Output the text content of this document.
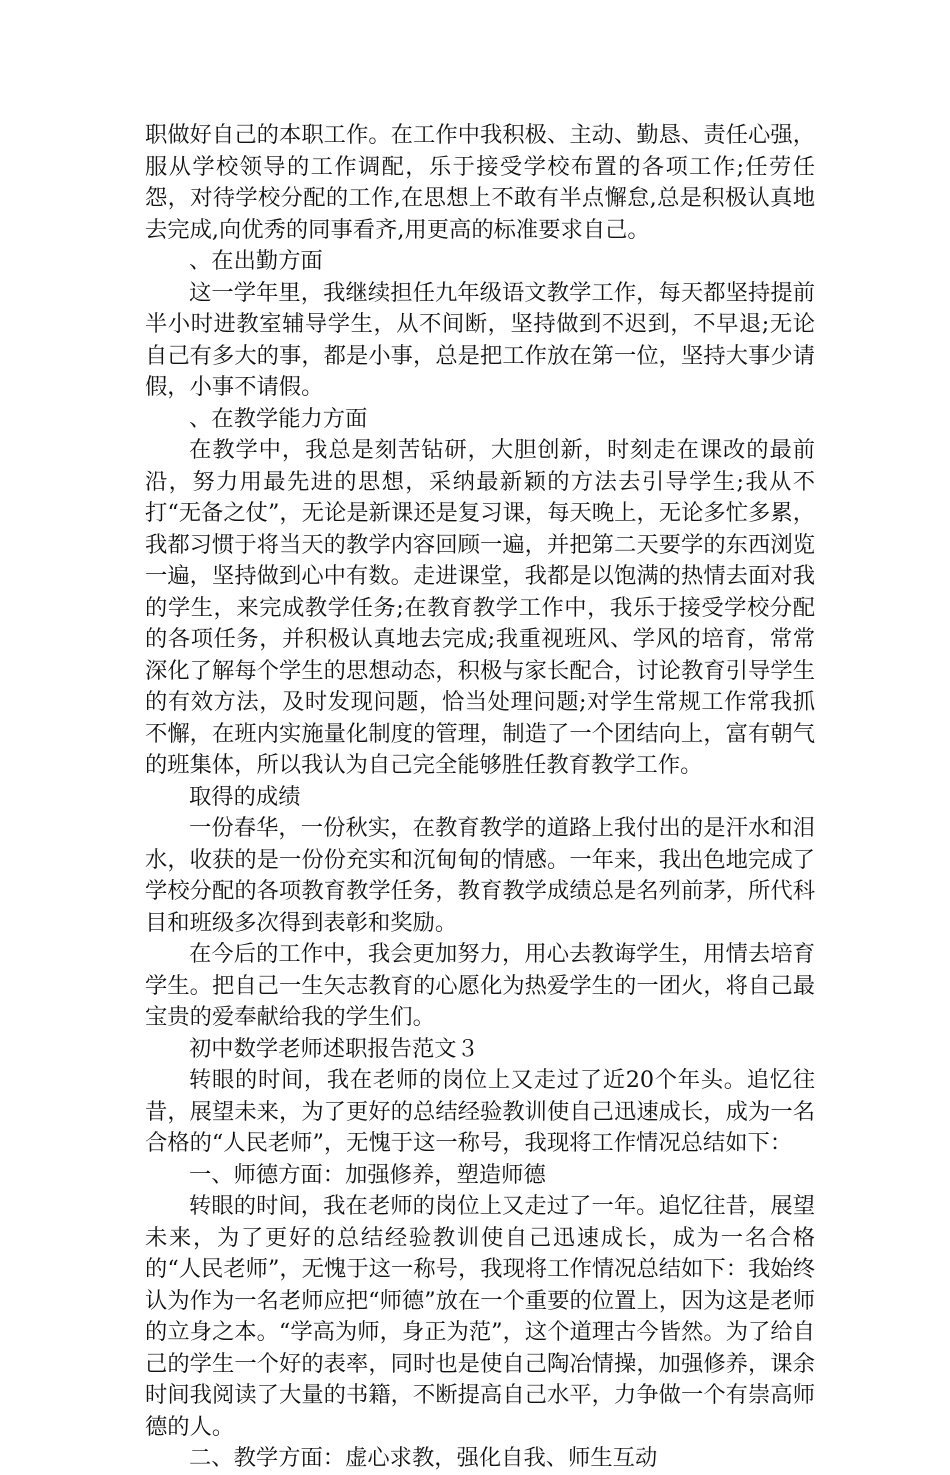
职做好自己的本职工作。在工作中我积极、主动、勤恳、责任心强，服从学校领导的工作调配，乐于接受学校布置的各项工作;任劳任怨，对待学校分配的工作,在思想上不敢有半点懈怠,总是积极认真地去完成,向优秀的同事看齐,用更高的标准要求自己。

、在出勤方面

这一学年里，我继续担任九年级语文教学工作，每天都坚持提前半小时进教室辅导学生，从不间断，坚持做到不迟到，不早退;无论自己有多大的事，都是小事，总是把工作放在第一位，坚持大事少请假，小事不请假。

、在教学能力方面

在教学中，我总是刻苦钻研，大胆创新，时刻走在课改的最前沿，努力用最先进的思想，采纳最新颖的方法去引导学生;我从不打“无备之仗”，无论是新课还是复习课，每天晚上，无论多忙多累，我都习惯于将当天的教学内容回顾一遍，并把第二天要学的东西浏览一遍，坚持做到心中有数。走进课堂，我都是以饱满的热情去面对我的学生，来完成教学任务;在教育教学工作中，我乐于接受学校分配的各项任务，并积极认真地去完成;我重视班风、学风的培育，常常深化了解每个学生的思想动态，积极与家长配合，讨论教育引导学生的有效方法，及时发现问题，恰当处理问题;对学生常规工作常我抓不懈，在班内实施量化制度的管理，制造了一个团结向上，富有朝气的班集体，所以我认为自己完全能够胜任教育教学工作。

取得的成绩

一份春华，一份秋实，在教育教学的道路上我付出的是汗水和泪水，收获的是一份份充实和沉甸甸的情感。一年来，我出色地完成了学校分配的各项教育教学任务，教育教学成绩总是名列前茅，所代科目和班级多次得到表彰和奖励。

在今后的工作中，我会更加努力，用心去教诲学生，用情去培育学生。把自己一生矢志教育的心愿化为热爱学生的一团火，将自己最宝贵的爱奉献给我的学生们。

初中数学老师述职报告范文３

转眼的时间，我在老师的岗位上又走过了近20个年头。追忆往昔，展望未来，为了更好的总结经验教训使自己迅速成长，成为一名合格的“人民老师”，无愧于这一称号，我现将工作情况总结如下：

一、师德方面：加强修养，塑造师德

转眼的时间，我在老师的岗位上又走过了一年。追忆往昔，展望未来，为了更好的总结经验教训使自己迅速成长，成为一名合格的“人民老师”，无愧于这一称号，我现将工作情况总结如下：我始终认为作为一名老师应把“师德”放在一个重要的位置上，因为这是老师的立身之本。“学高为师，身正为范”，这个道理古今皆然。为了给自己的学生一个好的表率，同时也是使自己陶冶情操，加强修养，课余时间我阅读了大量的书籍，不断提高自己水平，力争做一个有崇高师德的人。

二、教学方面：虚心求教，强化自我、师生互动
